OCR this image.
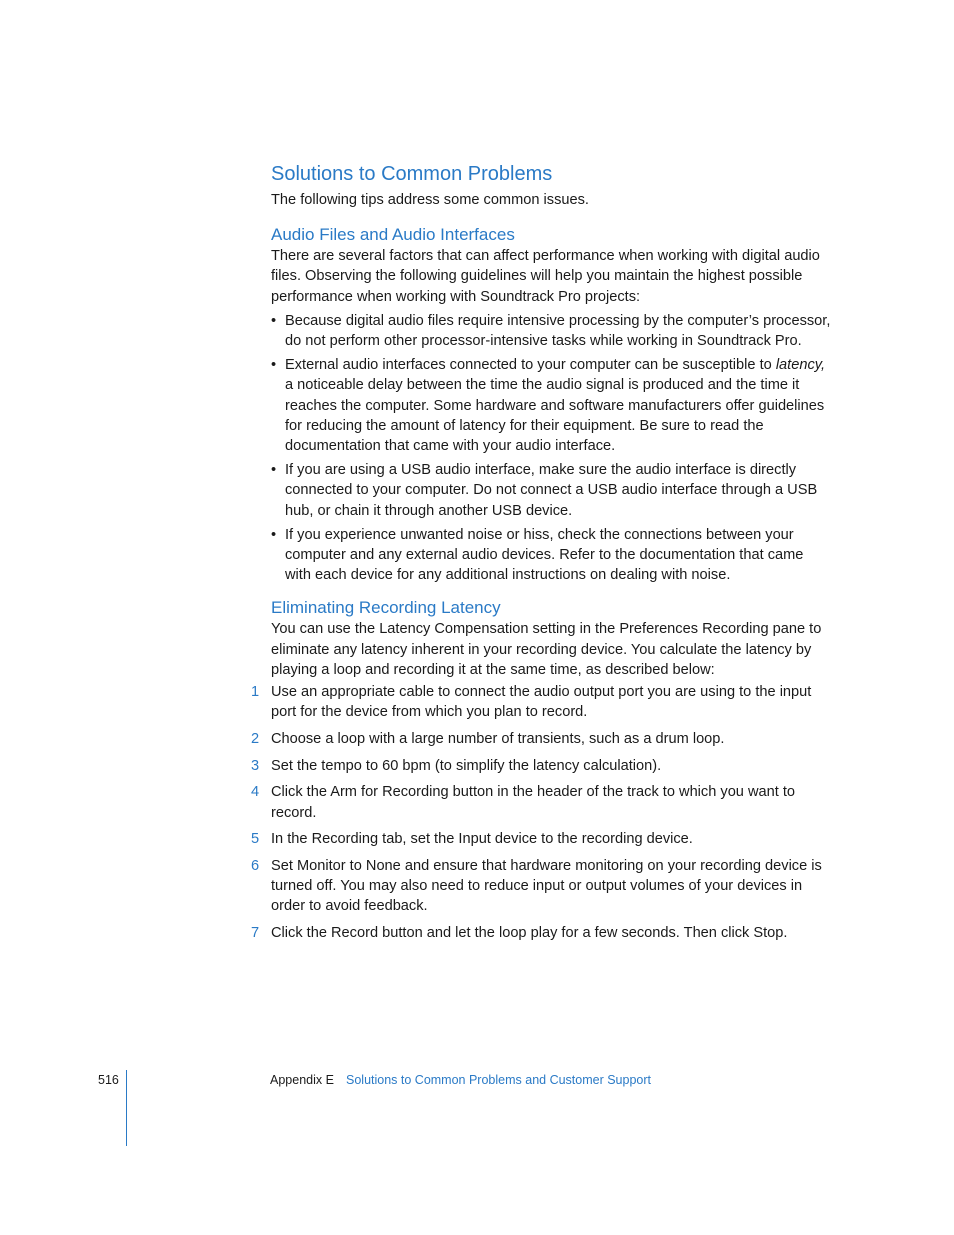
Solutions to Common Problems

The following tips address some common issues.

Audio Files and Audio Interfaces

There are several factors that can affect performance when working with digital audio files. Observing the following guidelines will help you maintain the highest possible performance when working with Soundtrack Pro projects:

• Because digital audio files require intensive processing by the computer’s processor, do not perform other processor-intensive tasks while working in Soundtrack Pro.
• External audio interfaces connected to your computer can be susceptible to latency, a noticeable delay between the time the audio signal is produced and the time it reaches the computer. Some hardware and software manufacturers offer guidelines for reducing the amount of latency for their equipment. Be sure to read the documentation that came with your audio interface.
• If you are using a USB audio interface, make sure the audio interface is directly connected to your computer. Do not connect a USB audio interface through a USB hub, or chain it through another USB device.
• If you experience unwanted noise or hiss, check the connections between your computer and any external audio devices. Refer to the documentation that came with each device for any additional instructions on dealing with noise.
Eliminating Recording Latency

You can use the Latency Compensation setting in the Preferences Recording pane to eliminate any latency inherent in your recording device. You calculate the latency by playing a loop and recording it at the same time, as described below:

1 Use an appropriate cable to connect the audio output port you are using to the input port for the device from which you plan to record.
2 Choose a loop with a large number of transients, such as a drum loop.
3 Set the tempo to 60 bpm (to simplify the latency calculation).
4 Click the Arm for Recording button in the header of the track to which you want to record.
5 In the Recording tab, set the Input device to the recording device.
6 Set Monitor to None and ensure that hardware monitoring on your recording device is turned off. You may also need to reduce input or output volumes of your devices in order to avoid feedback.
7 Click the Record button and let the loop play for a few seconds. Then click Stop.
516	Appendix E Solutions to Common Problems and Customer Support
